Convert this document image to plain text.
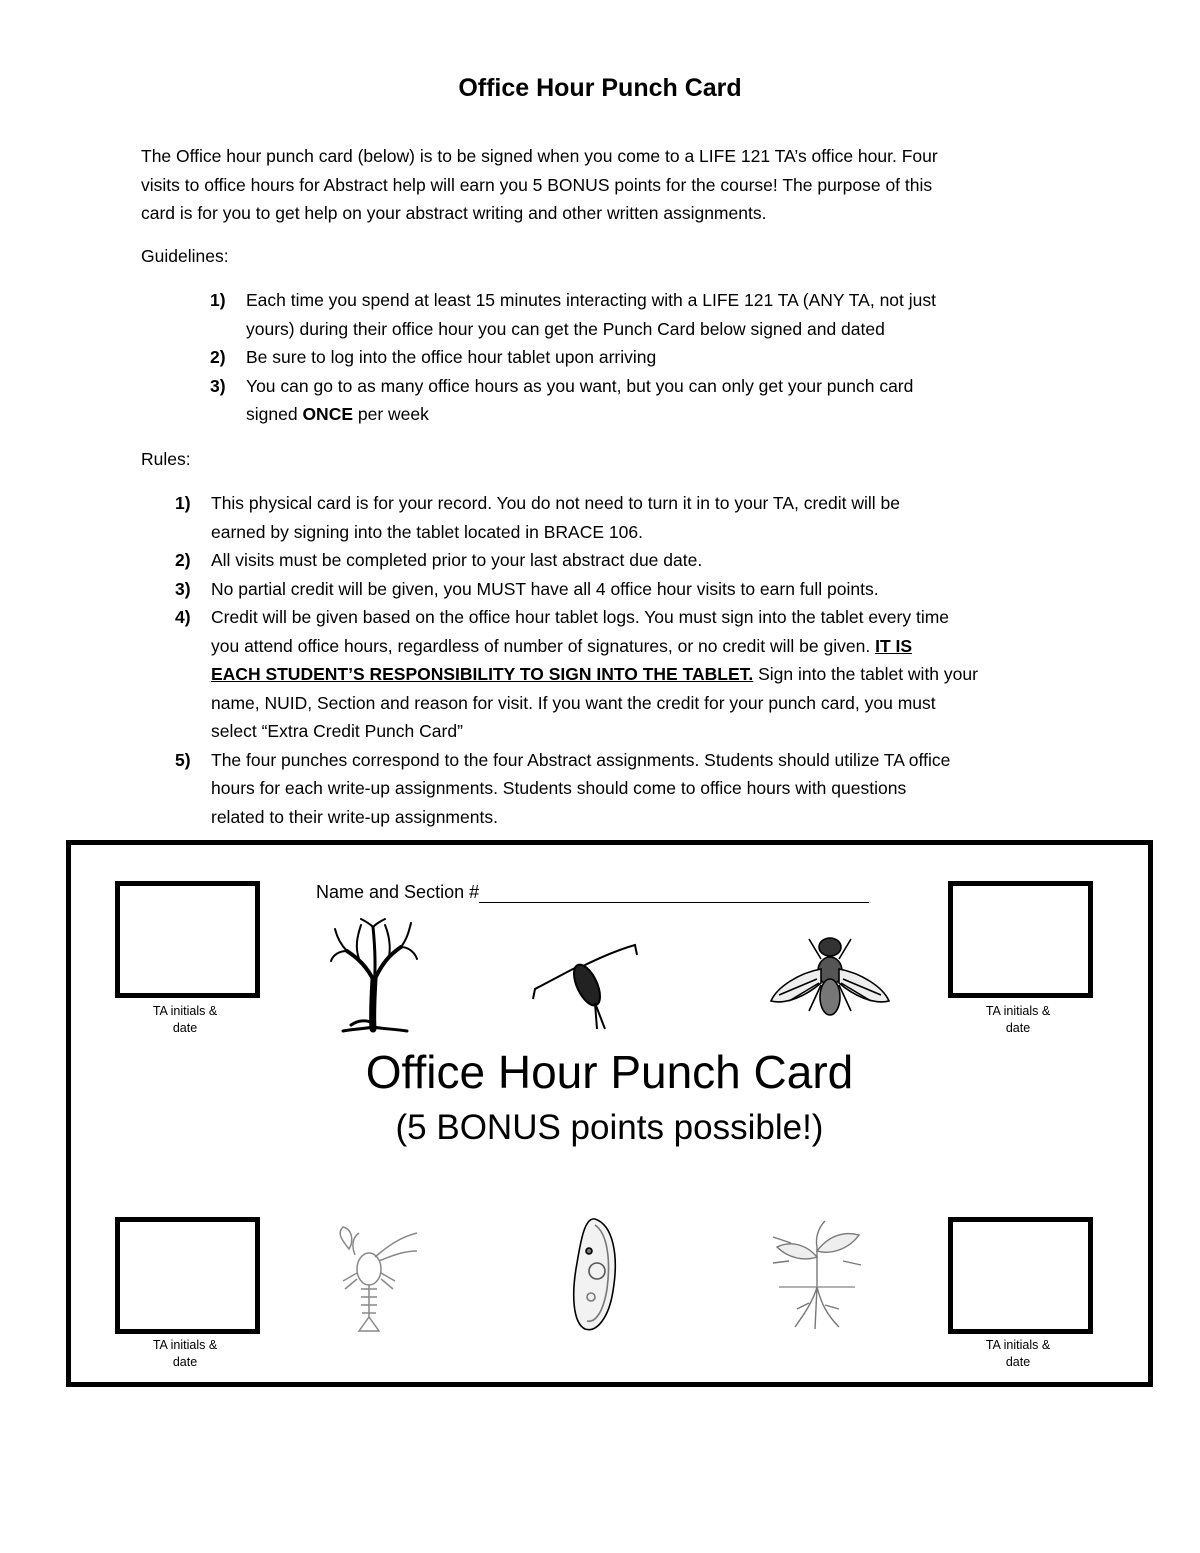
Office Hour Punch Card
The Office hour punch card (below) is to be signed when you come to a LIFE 121 TA’s office hour. Four
visits to office hours for Abstract help will earn you 5 BONUS points for the course! The purpose of this
card is for you to get help on your abstract writing and other written assignments.
Guidelines:
1) Each time you spend at least 15 minutes interacting with a LIFE 121 TA (ANY TA, not just
yours) during their office hour you can get the Punch Card below signed and dated
2) Be sure to log into the office hour tablet upon arriving
3) You can go to as many office hours as you want, but you can only get your punch card
signed ONCE per week
Rules:
1) This physical card is for your record. You do not need to turn it in to your TA, credit will be
earned by signing into the tablet located in BRACE 106.
2) All visits must be completed prior to your last abstract due date.
3) No partial credit will be given, you MUST have all 4 office hour visits to earn full points.
4) Credit will be given based on the office hour tablet logs. You must sign into the tablet every time
you attend office hours, regardless of number of signatures, or no credit will be given. IT IS
EACH STUDENT’S RESPONSIBILITY TO SIGN INTO THE TABLET. Sign into the tablet with your
name, NUID, Section and reason for visit. If you want the credit for your punch card, you must
select “Extra Credit Punch Card”
5) The four punches correspond to the four Abstract assignments. Students should utilize TA office
hours for each write-up assignments. Students should come to office hours with questions
related to their write-up assignments.
TA initials &
date
TA initials &
date
TA initials &
date
TA initials &
date
Name and Section #
Office Hour Punch Card
(5 BONUS points possible!)
